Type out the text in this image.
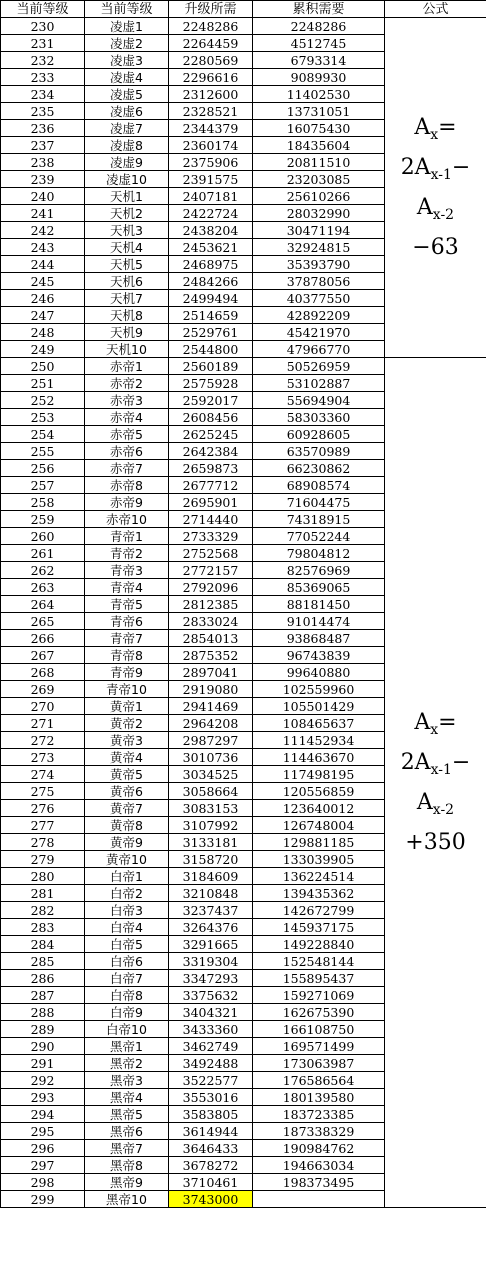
当前等级	当前等级	升级所需	累积需要	公式
230	凌虚1	2248286	2248286	$A_x=$
$2A_{x-1}-$
$A_{x-2}$
−63

231	凌虚2	2264459	4512745	
232	凌虚3	2280569	6793314	
233	凌虚4	2296616	9089930	
234	凌虚5	2312600	11402530	
235	凌虚6	2328521	13731051	
236	凌虚7	2344379	16075430	
237	凌虚8	2360174	18435604	
238	凌虚9	2375906	20811510	
239	凌虚10	2391575	23203085	
240	天机1	2407181	25610266	
241	天机2	2422724	28032990	
242	天机3	2438204	30471194	
243	天机4	2453621	32924815	
244	天机5	2468975	35393790	
245	天机6	2484266	37878056	
246	天机7	2499494	40377550	
247	天机8	2514659	42892209	
248	天机9	2529761	45421970	
249	天机10	2544800	47966770	
250	赤帝1	2560189	50526959	$A_x=$
$2A_{x-1}-$
$A_{x-2}$
+350

251	赤帝2	2575928	53102887	
252	赤帝3	2592017	55694904	
253	赤帝4	2608456	58303360	
254	赤帝5	2625245	60928605	
255	赤帝6	2642384	63570989	
256	赤帝7	2659873	66230862	
257	赤帝8	2677712	68908574	
258	赤帝9	2695901	71604475	
259	赤帝10	2714440	74318915	
260	青帝1	2733329	77052244	
261	青帝2	2752568	79804812	
262	青帝3	2772157	82576969	
263	青帝4	2792096	85369065	
264	青帝5	2812385	88181450	
265	青帝6	2833024	91014474	
266	青帝7	2854013	93868487	
267	青帝8	2875352	96743839	
268	青帝9	2897041	99640880	
269	青帝10	2919080	102559960	
270	黄帝1	2941469	105501429	
271	黄帝2	2964208	108465637	
272	黄帝3	2987297	111452934	
273	黄帝4	3010736	114463670	
274	黄帝5	3034525	117498195	
275	黄帝6	3058664	120556859	
276	黄帝7	3083153	123640012	
277	黄帝8	3107992	126748004	
278	黄帝9	3133181	129881185	
279	黄帝10	3158720	133039905	
280	白帝1	3184609	136224514	
281	白帝2	3210848	139435362	
282	白帝3	3237437	142672799	
283	白帝4	3264376	145937175	
284	白帝5	3291665	149228840	
285	白帝6	3319304	152548144	
286	白帝7	3347293	155895437	
287	白帝8	3375632	159271069	
288	白帝9	3404321	162675390	
289	白帝10	3433360	166108750	
290	黑帝1	3462749	169571499	
291	黑帝2	3492488	173063987	
292	黑帝3	3522577	176586564	
293	黑帝4	3553016	180139580	
294	黑帝5	3583805	183723385	
295	黑帝6	3614944	187338329	
296	黑帝7	3646433	190984762	
297	黑帝8	3678272	194663034	
298	黑帝9	3710461	198373495	
299	黑帝10	3743000		
